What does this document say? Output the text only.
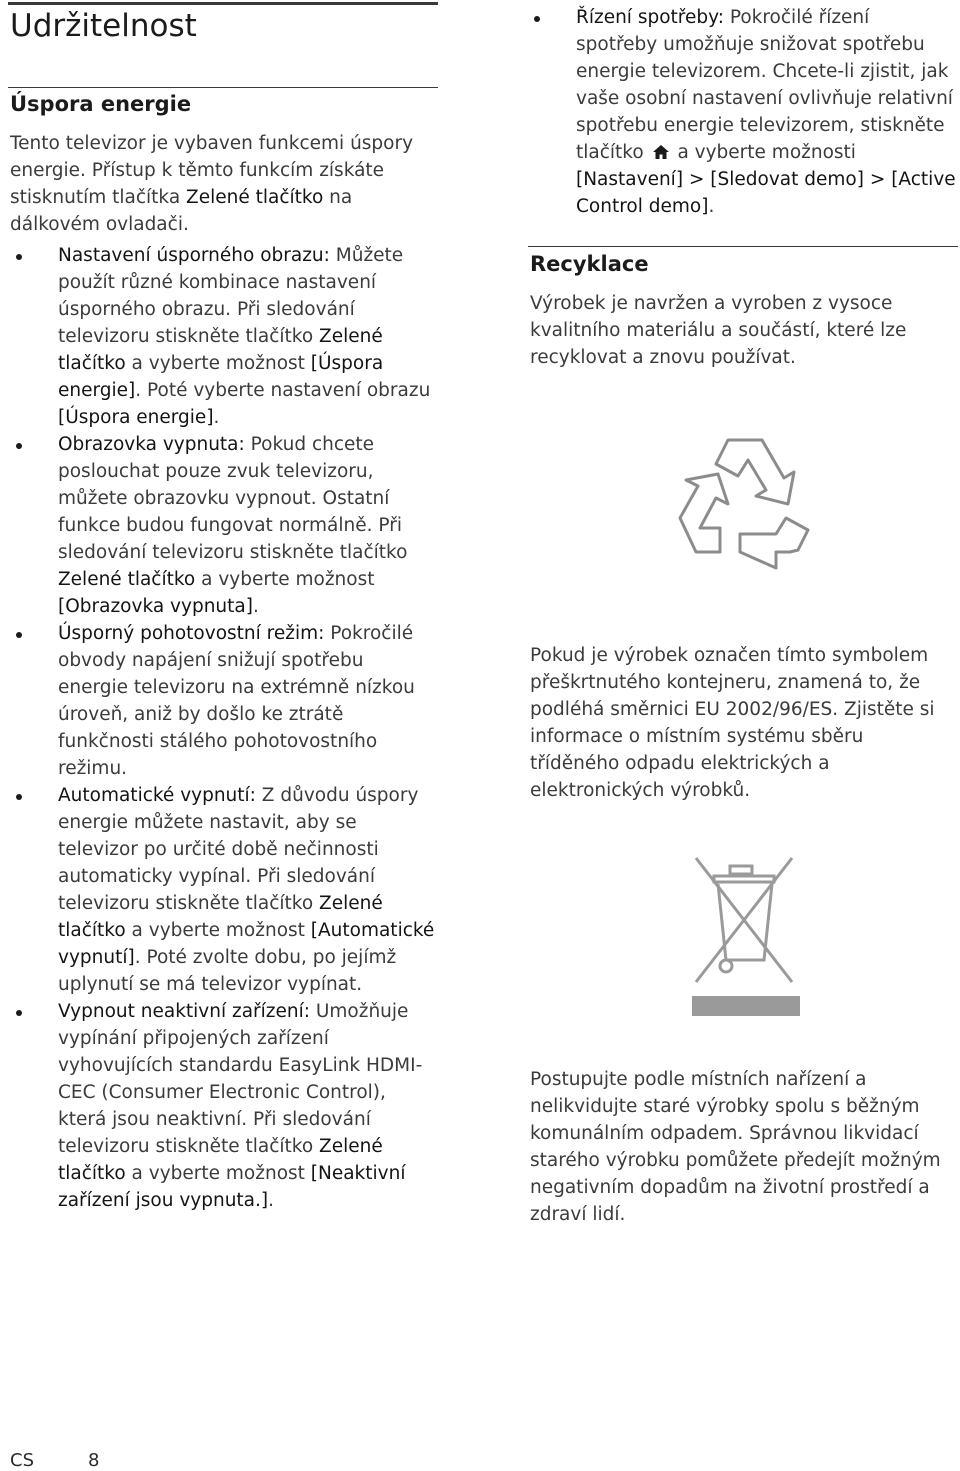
Udržitelnost
Úspora energie

Tento televizor je vybaven funkcemi úspory energie. Přístup k těmto funkcím získáte stisknutím tlačítka Zelené tlačítko na dálkovém ovladači.

Nastavení úsporného obrazu: Můžete použít různé kombinace nastavení úsporného obrazu. Při sledování televizoru stiskněte tlačítko Zelené tlačítko a vyberte možnost [Úspora energie]. Poté vyberte nastavení obrazu [Úspora energie].
Obrazovka vypnuta: Pokud chcete poslouchat pouze zvuk televizoru, můžete obrazovku vypnout. Ostatní funkce budou fungovat normálně. Při sledování televizoru stiskněte tlačítko Zelené tlačítko a vyberte možnost [Obrazovka vypnuta].
Úsporný pohotovostní režim: Pokročilé obvody napájení snižují spotřebu energie televizoru na extrémně nízkou úroveň, aniž by došlo ke ztrátě funkčnosti stálého pohotovostního režimu.
Automatické vypnutí: Z důvodu úspory energie můžete nastavit, aby se televizor po určité době nečinnosti automaticky vypínal. Při sledování televizoru stiskněte tlačítko Zelené tlačítko a vyberte možnost [Automatické vypnutí]. Poté zvolte dobu, po jejímž uplynutí se má televizor vypínat.
Vypnout neaktivní zařízení: Umožňuje vypínání připojených zařízení vyhovujících standardu EasyLink HDMI-CEC (Consumer Electronic Control), která jsou neaktivní. Při sledování televizoru stiskněte tlačítko Zelené tlačítko a vyberte možnost [Neaktivní zařízení jsou vypnuta.].
Řízení spotřeby: Pokročilé řízení spotřeby umožňuje snižovat spotřebu energie televizorem. Chcete-li zjistit, jak vaše osobní nastavení ovlivňuje relativní spotřebu energie televizorem, stiskněte tlačítko  a vyberte možnosti [Nastavení] > [Sledovat demo] > [Active Control demo].
Recyklace

Výrobek je navržen a vyroben z vysoce kvalitního materiálu a součástí, které lze recyklovat a znovu používat.

Pokud je výrobek označen tímto symbolem přeškrtnutého kontejneru, znamená to, že podléhá směrnici EU 2002/96/ES. Zjistěte si informace o místním systému sběru tříděného odpadu elektrických a elektronických výrobků.

Postupujte podle místních nařízení a nelikvidujte staré výrobky spolu s běžným komunálním odpadem. Správnou likvidací starého výrobku pomůžete předejít možným negativním dopadům na životní prostředí a zdraví lidí.

CS	8
